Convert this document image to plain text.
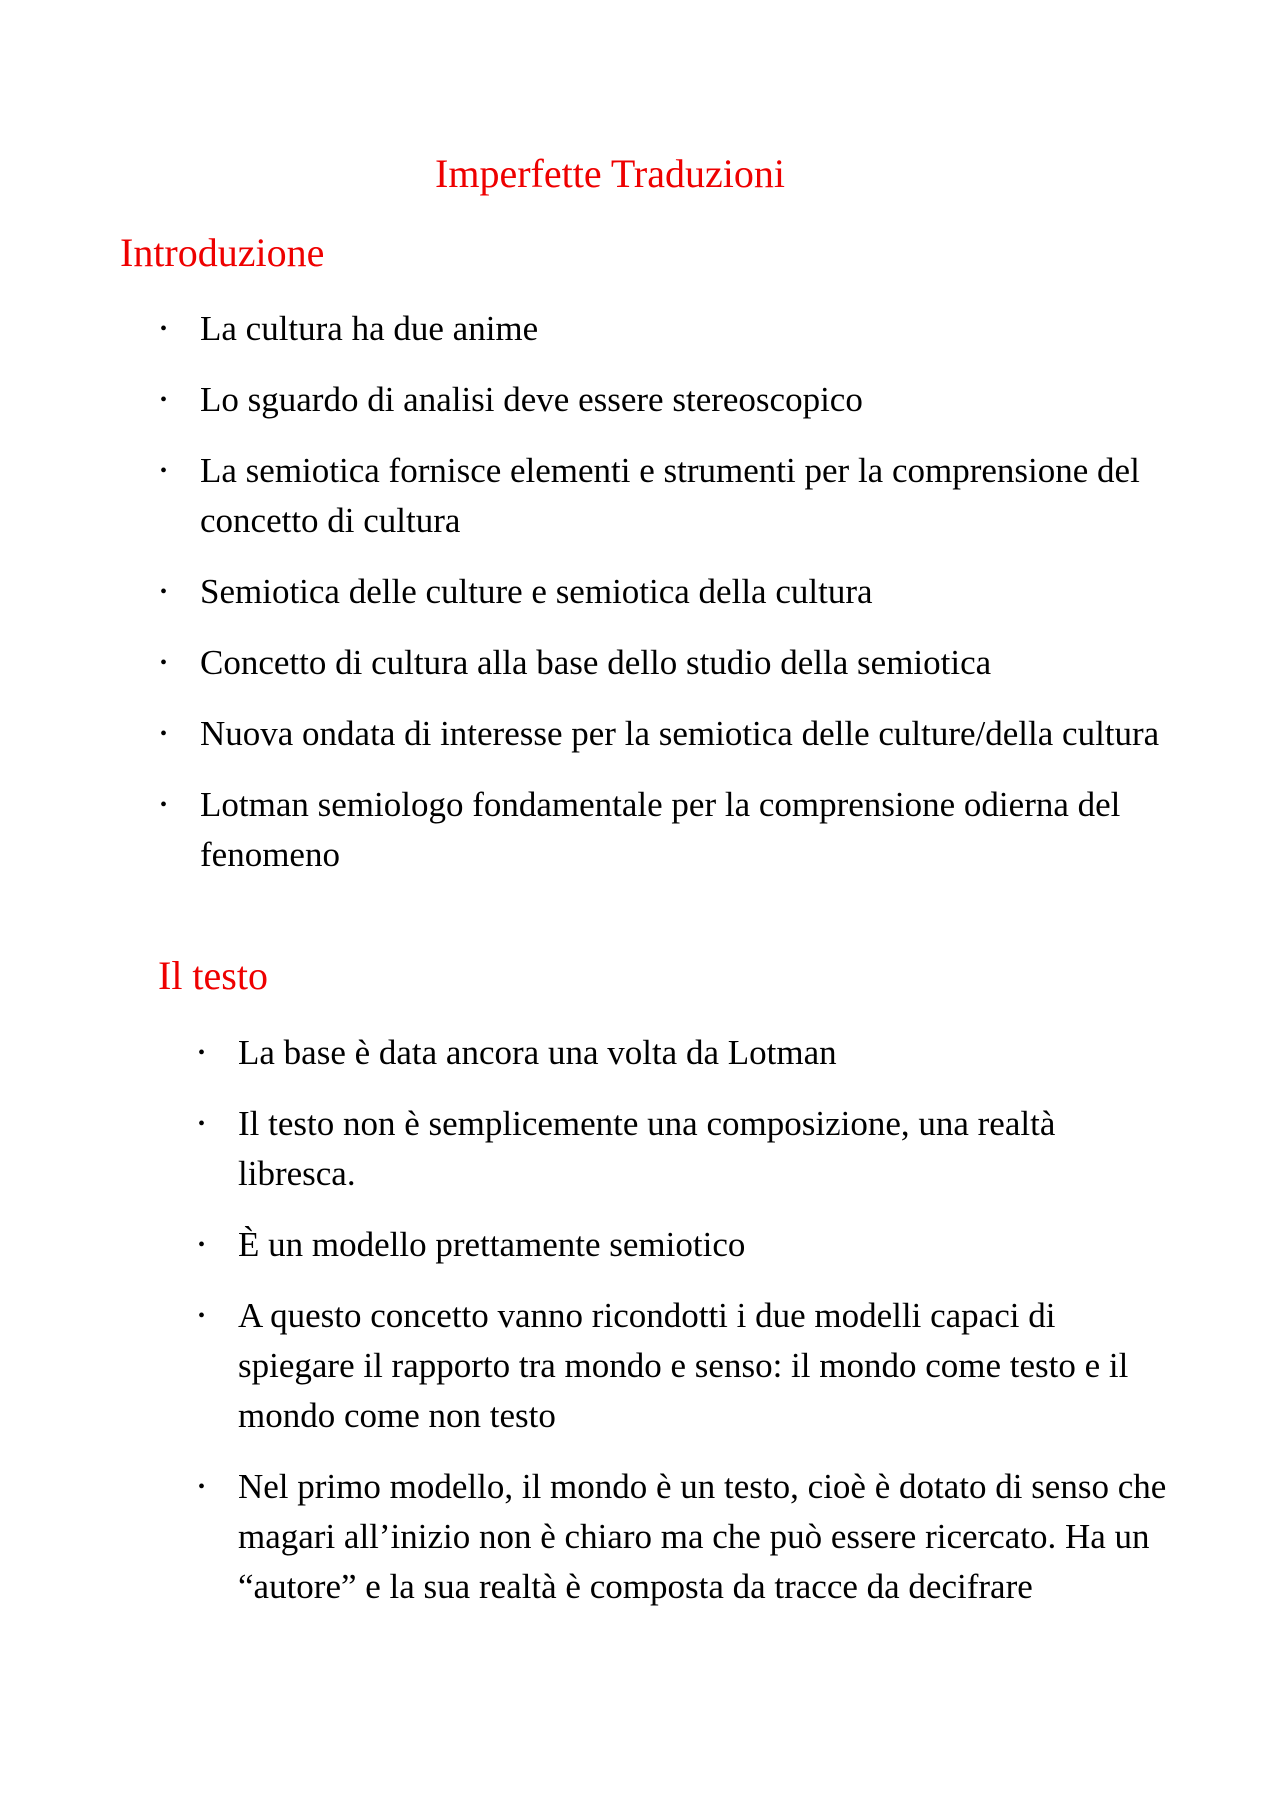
Imperfette Traduzioni
Introduzione
• La cultura ha due anime
• Lo sguardo di analisi deve essere stereoscopico
• La semiotica fornisce elementi e strumenti per la comprensione del concetto di cultura
• Semiotica delle culture e semiotica della cultura
• Concetto di cultura alla base dello studio della semiotica
• Nuova ondata di interesse per la semiotica delle culture/della cultura
• Lotman semiologo fondamentale per la comprensione odierna del fenomeno
Il testo
• La base è data ancora una volta da Lotman
• Il testo non è semplicemente una composizione, una realtà libresca.
• È un modello prettamente semiotico
• A questo concetto vanno ricondotti i due modelli capaci di spiegare il rapporto tra mondo e senso: il mondo come testo e il mondo come non testo
• Nel primo modello, il mondo è un testo, cioè è dotato di senso che magari all’inizio non è chiaro ma che può essere ricercato. Ha un “autore” e la sua realtà è composta da tracce da decifrare
